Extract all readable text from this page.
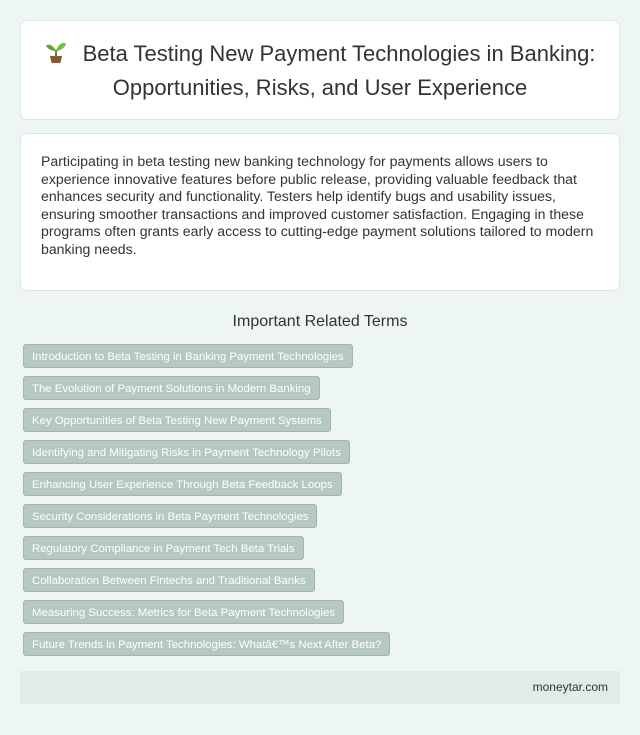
Beta Testing New Payment Technologies in Banking: Opportunities, Risks, and User Experience

Participating in beta testing new banking technology for payments allows users to experience innovative features before public release, providing valuable feedback that enhances security and functionality. Testers help identify bugs and usability issues, ensuring smoother transactions and improved customer satisfaction. Engaging in these programs often grants early access to cutting-edge payment solutions tailored to modern banking needs.

Important Related Terms
Introduction to Beta Testing in Banking Payment Technologies
The Evolution of Payment Solutions in Modern Banking
Key Opportunities of Beta Testing New Payment Systems
Identifying and Mitigating Risks in Payment Technology Pilots
Enhancing User Experience Through Beta Feedback Loops
Security Considerations in Beta Payment Technologies
Regulatory Compliance in Payment Tech Beta Trials
Collaboration Between Fintechs and Traditional Banks
Measuring Success: Metrics for Beta Payment Technologies
Future Trends in Payment Technologies: Whatâ€™s Next After Beta?
moneytar.com
